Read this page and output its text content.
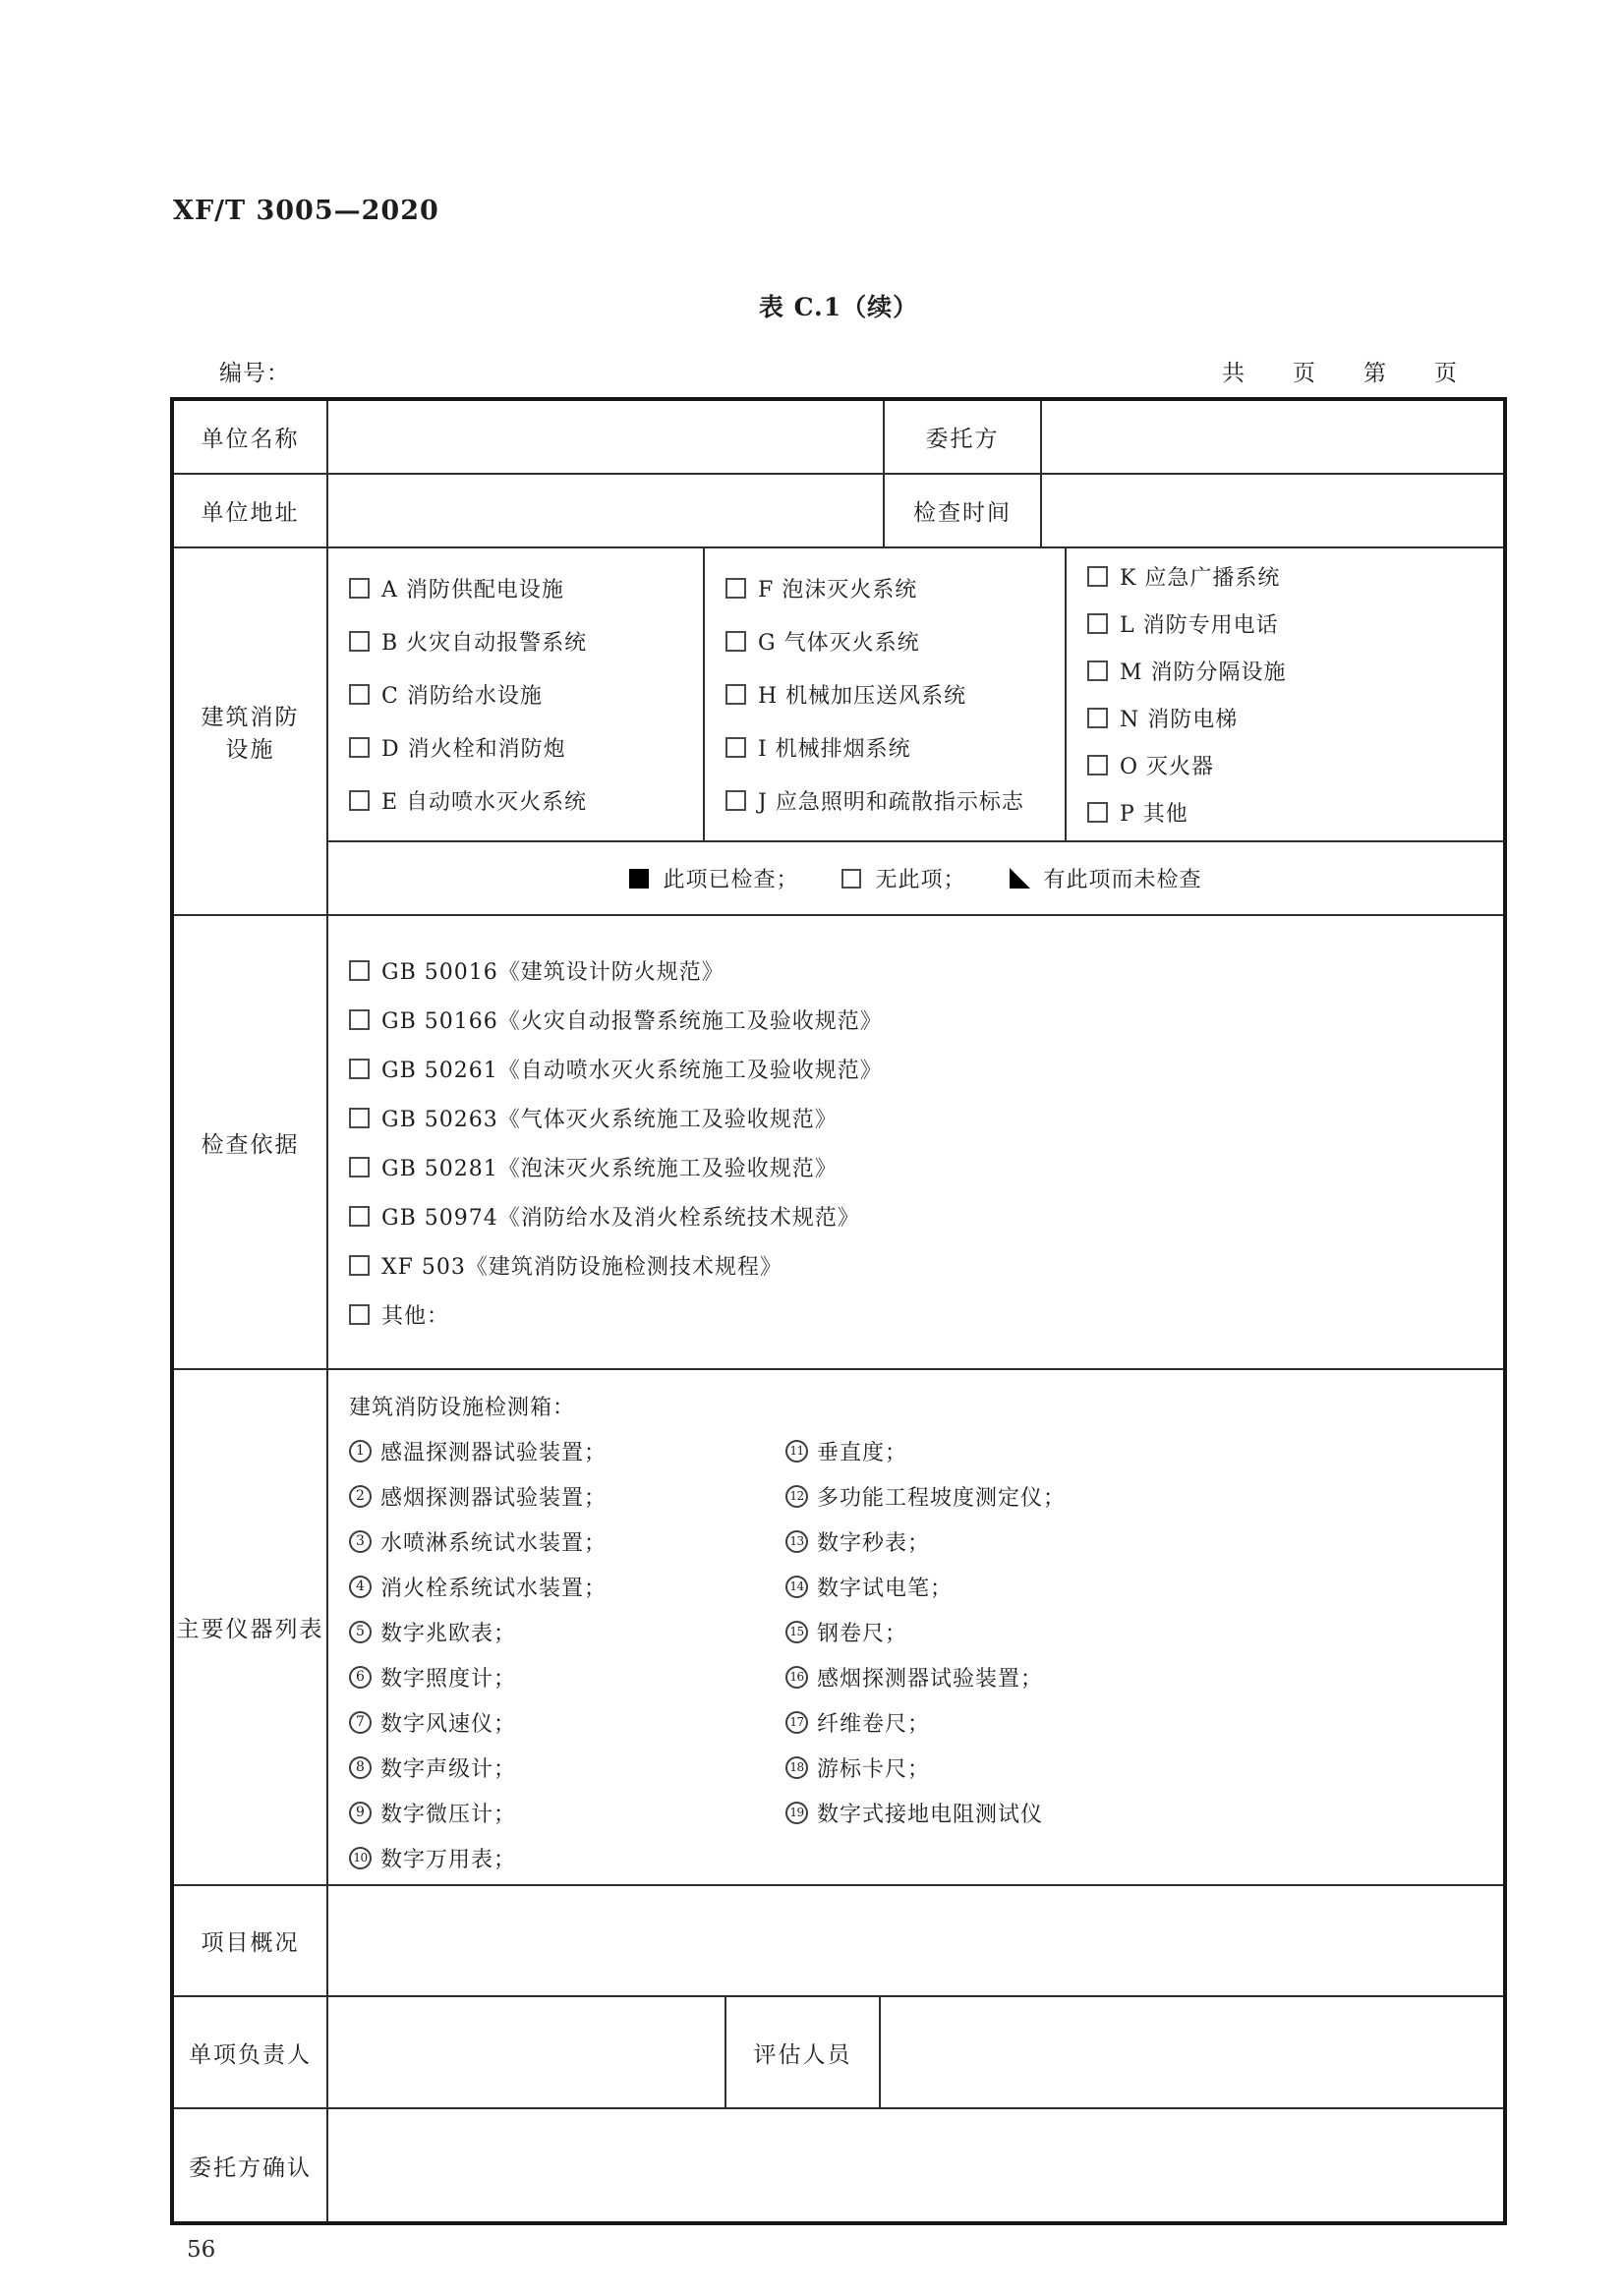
XF/T 3005—2020
表 C.1（续）
编号：	共　　页　　第　　页
单位名称	委托方
单位地址	检查时间
建筑消防设施
A 消防供配电设施
B 火灾自动报警系统
C 消防给水设施
D 消火栓和消防炮
E 自动喷水灭火系统
F 泡沫灭火系统
G 气体灭火系统
H 机械加压送风系统
I 机械排烟系统
J 应急照明和疏散指示标志
K 应急广播系统
L 消防专用电话
M 消防分隔设施
N 消防电梯
O 灭火器
P 其他
此项已检查；	无此项；	有此项而未检查
检查依据
GB 50016《建筑设计防火规范》
GB 50166《火灾自动报警系统施工及验收规范》
GB 50261《自动喷水灭火系统施工及验收规范》
GB 50263《气体灭火系统施工及验收规范》
GB 50281《泡沫灭火系统施工及验收规范》
GB 50974《消防给水及消火栓系统技术规范》
XF 503《建筑消防设施检测技术规程》
其他：
主要仪器列表
建筑消防设施检测箱：
1 感温探测器试验装置；
2 感烟探测器试验装置；
3 水喷淋系统试水装置；
4 消火栓系统试水装置；
5 数字兆欧表；
6 数字照度计；
7 数字风速仪；
8 数字声级计；
9 数字微压计；
10 数字万用表；
11 垂直度；
12 多功能工程坡度测定仪；
13 数字秒表；
14 数字试电笔；
15 钢卷尺；
16 感烟探测器试验装置；
17 纤维卷尺；
18 游标卡尺；
19 数字式接地电阻测试仪
项目概况
单项负责人	评估人员
委托方确认
56
